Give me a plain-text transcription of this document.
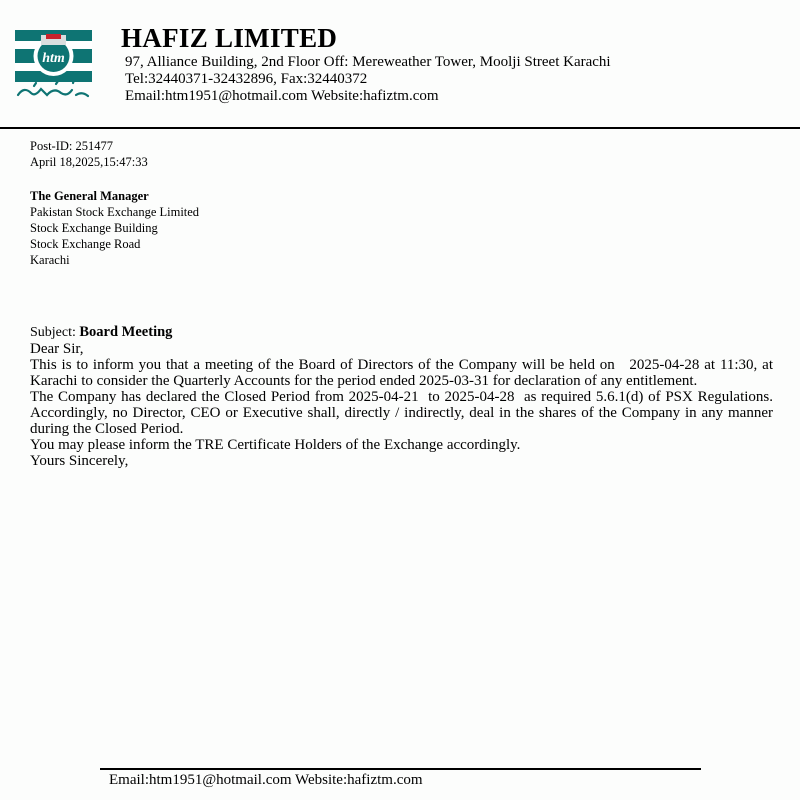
htm
HAFIZ LIMITED
97, Alliance Building, 2nd Floor Off: Mereweather Tower, Moolji Street Karachi
Tel:32440371-32432896, Fax:32440372
Email:htm1951@hotmail.com Website:hafiztm.com
Post-ID: 251477
April 18,2025,15:47:33
The General Manager
Pakistan Stock Exchange Limited
Stock Exchange Building
Stock Exchange Road
Karachi
Subject: Board Meeting

Dear Sir,

This is to inform you that a meeting of the Board of Directors of the Company will be held on   2025-04-28 at 11:30, at Karachi to consider the Quarterly Accounts for the period ended 2025-03-31 for declaration of any entitlement.

The Company has declared the Closed Period from 2025-04-21  to 2025-04-28  as required 5.6.1(d) of PSX Regulations. Accordingly, no Director, CEO or Executive shall, directly / indirectly, deal in the shares of the Company in any manner during the Closed Period.

You may please inform the TRE Certificate Holders of the Exchange accordingly.

Yours Sincerely,

Email:htm1951@hotmail.com Website:hafiztm.com
